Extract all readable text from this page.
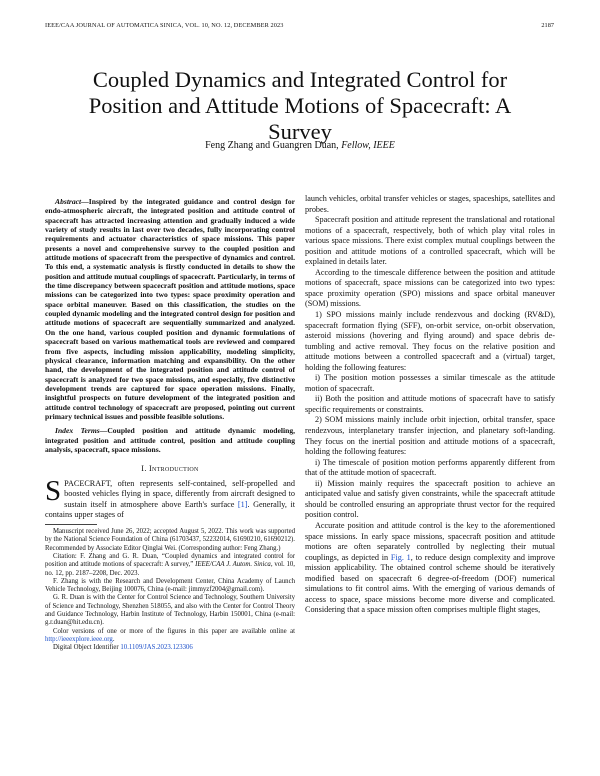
IEEE/CAA JOURNAL OF AUTOMATICA SINICA, VOL. 10, NO. 12, DECEMBER 2023	2187
Coupled Dynamics and Integrated Control for Position and Attitude Motions of Spacecraft: A Survey
Feng Zhang and Guangren Duan, Fellow, IEEE

Abstract—Inspired by the integrated guidance and control design for endo-atmospheric aircraft, the integrated position and attitude control of spacecraft has attracted increasing attention and gradually induced a wide variety of study results in last over two decades, fully incorporating control requirements and actuator characteristics of space missions. This paper presents a novel and comprehensive survey to the coupled position and attitude motions of spacecraft from the perspective of dynamics and control. To this end, a systematic analysis is firstly conducted in details to show the position and attitude mutual couplings of spacecraft. Particularly, in terms of the time discrepancy between spacecraft position and attitude motions, space missions can be categorized into two types: space proximity operation and space orbital maneuver. Based on this classification, the studies on the coupled dynamic modeling and the integrated control design for position and attitude motions of spacecraft are sequentially summarized and analyzed. On the one hand, various coupled position and dynamic formulations of spacecraft based on various mathematical tools are reviewed and compared from five aspects, including mission applicability, modeling simplicity, physical clearance, information matching and expansibility. On the other hand, the development of the integrated position and attitude control of spacecraft is analyzed for two space missions, and especially, five distinctive development trends are captured for space operation missions. Finally, insightful prospects on future development of the integrated position and attitude control technology of spacecraft are proposed, pointing out current primary technical issues and possible feasible solutions.

Index Terms—Coupled position and attitude dynamic modeling, integrated position and attitude control, position and attitude coupling analysis, spacecraft, space missions.

I. Introduction

SPACECRAFT, often represents self-contained, self-propelled and boosted vehicles flying in space, differently from aircraft designed to sustain itself in atmosphere above Earth's surface [1]. Generally, it contains upper stages of

Manuscript received June 26, 2022; accepted August 5, 2022. This work was supported by the National Science Foundation of China (61703437, 52232014, 61690210, 61690212). Recommended by Associate Editor Qinglai Wei. (Corresponding author: Feng Zhang.)

Citation: F. Zhang and G. R. Duan, “Coupled dynamics and integrated control for position and attitude motions of spacecraft: A survey,” IEEE/CAA J. Autom. Sinica, vol. 10, no. 12, pp. 2187–2208, Dec. 2023.

F. Zhang is with the Research and Development Center, China Academy of Launch Vehicle Technology, Beijing 100076, China (e-mail: jimmyzf2004@gmail.com).

G. R. Duan is with the Center for Control Science and Technology, Southern University of Science and Technology, Shenzhen 518055, and also with the Center for Control Theory and Guidance Technology, Harbin Institute of Technology, Harbin 150001, China (e-mail: g.r.duan@hit.edu.cn).

Color versions of one or more of the figures in this paper are available online at http://ieeexplore.ieee.org.

Digital Object Identifier 10.1109/JAS.2023.123306

launch vehicles, orbital transfer vehicles or stages, spaceships, satellites and probes.

Spacecraft position and attitude represent the translational and rotational motions of a spacecraft, respectively, both of which play vital roles in various space missions. There exist complex mutual couplings between the position and attitude motions of a controlled spacecraft, which will be explained in details later.

According to the timescale difference between the position and attitude motions of spacecraft, space missions can be categorized into two types: space proximity operation (SPO) missions and space orbital maneuver (SOM) missions.

1) SPO missions mainly include rendezvous and docking (RV&D), spacecraft formation flying (SFF), on-orbit service, on-orbit observation, asteroid missions (hovering and flying around) and space debris de-tumbling and active removal. They focus on the relative position and attitude motions between a controlled spacecraft and a (virtual) target, holding the following features:

i) The position motion possesses a similar timescale as the attitude motion of spacecraft.

ii) Both the position and attitude motions of spacecraft have to satisfy specific requirements or constraints.

2) SOM missions mainly include orbit injection, orbital transfer, space rendezvous, interplanetary transfer injection, and planetary soft-landing. They focus on the inertial position and attitude motions of a spacecraft, holding the following features:

i) The timescale of position motion performs apparently different from that of the attitude motion of spacecraft.

ii) Mission mainly requires the spacecraft position to achieve an anticipated value and satisfy given constraints, while the spacecraft attitude should be controlled ensuring an appropriate thrust vector for the required position control.

Accurate position and attitude control is the key to the aforementioned space missions. In early space missions, spacecraft position and attitude motions are often separately controlled by neglecting their mutual couplings, as depicted in Fig. 1, to reduce design complexity and improve mission applicability. The obtained control scheme should be iteratively modified based on spacecraft 6 degree-of-freedom (DOF) numerical simulations to fit control aims. With the emerging of various demands of access to space, space missions become more diverse and complicated. Considering that a space mission often comprises multiple flight stages,
